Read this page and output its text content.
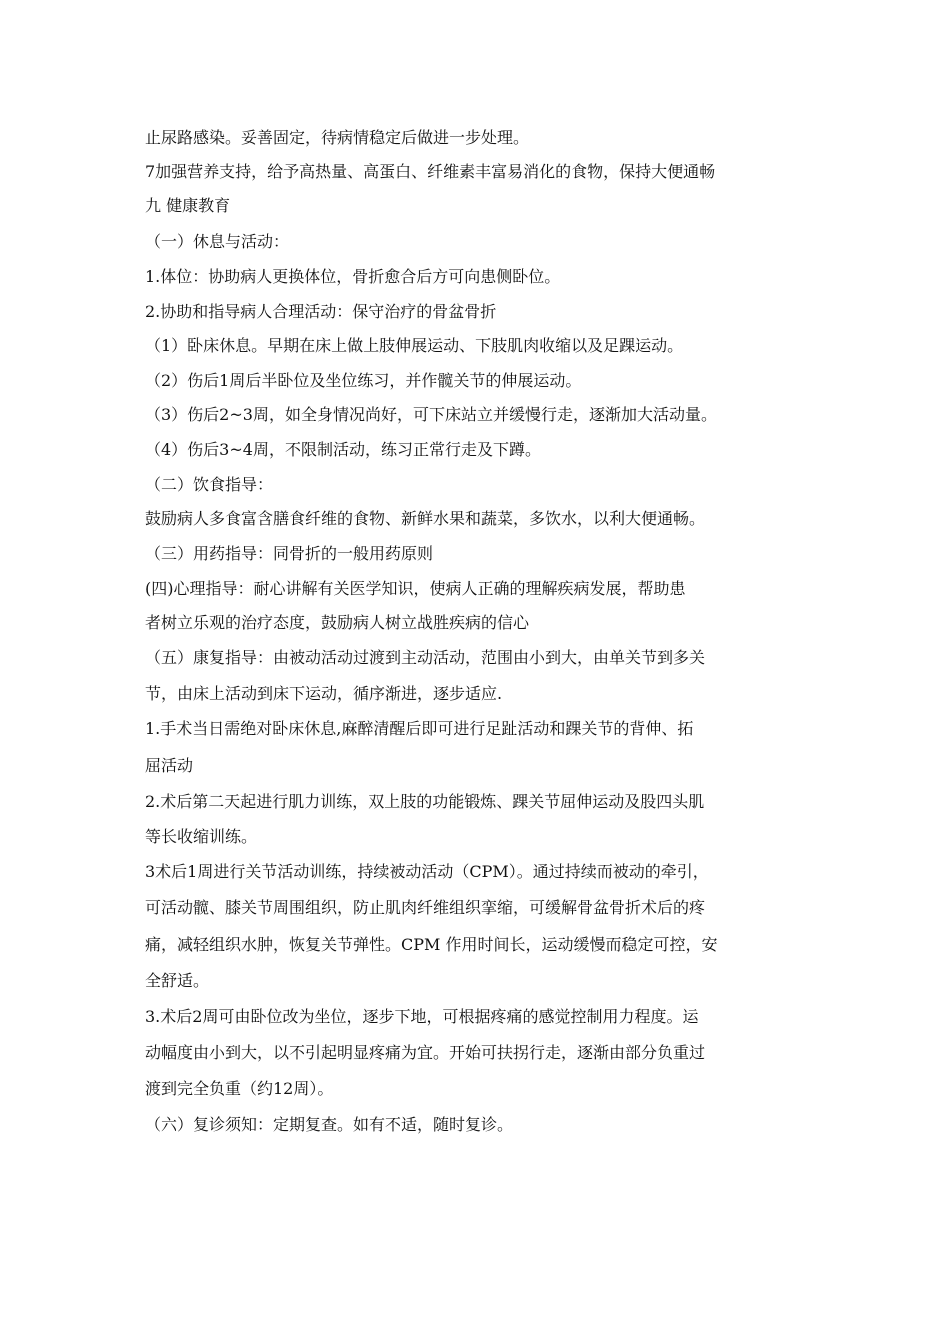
止尿路感染。妥善固定，待病情稳定后做进一步处理。
7加强营养支持，给予高热量、高蛋白、纤维素丰富易消化的食物，保持大便通畅
九 健康教育
（一）休息与活动：
1.体位：协助病人更换体位，骨折愈合后方可向患侧卧位。
2.协助和指导病人合理活动：保守治疗的骨盆骨折
（1）卧床休息。早期在床上做上肢伸展运动、下肢肌肉收缩以及足踝运动。
（2）伤后1周后半卧位及坐位练习，并作髋关节的伸展运动。
（3）伤后2~3周，如全身情况尚好，可下床站立并缓慢行走，逐渐加大活动量。
（4）伤后3~4周，不限制活动，练习正常行走及下蹲。
（二）饮食指导：
鼓励病人多食富含膳食纤维的食物、新鲜水果和蔬菜，多饮水，以利大便通畅。
（三）用药指导：同骨折的一般用药原则
(四)心理指导：耐心讲解有关医学知识，使病人正确的理解疾病发展，帮助患
者树立乐观的治疗态度，鼓励病人树立战胜疾病的信心
（五）康复指导：由被动活动过渡到主动活动，范围由小到大，由单关节到多关
节，由床上活动到床下运动，循序渐进，逐步适应.
1.手术当日需绝对卧床休息,麻醉清醒后即可进行足趾活动和踝关节的背伸、拓
屈活动
2.术后第二天起进行肌力训练，双上肢的功能锻炼、踝关节屈伸运动及股四头肌
等长收缩训练。
3术后1周进行关节活动训练，持续被动活动（CPM）。通过持续而被动的牵引，
可活动髋、膝关节周围组织，防止肌肉纤维组织挛缩，可缓解骨盆骨折术后的疼
痛，减轻组织水肿，恢复关节弹性。CPM 作用时间长，运动缓慢而稳定可控，安
全舒适。
3.术后2周可由卧位改为坐位，逐步下地，可根据疼痛的感觉控制用力程度。运
动幅度由小到大，以不引起明显疼痛为宜。开始可扶拐行走，逐渐由部分负重过
渡到完全负重（约12周）。
（六）复诊须知：定期复查。如有不适，随时复诊。
